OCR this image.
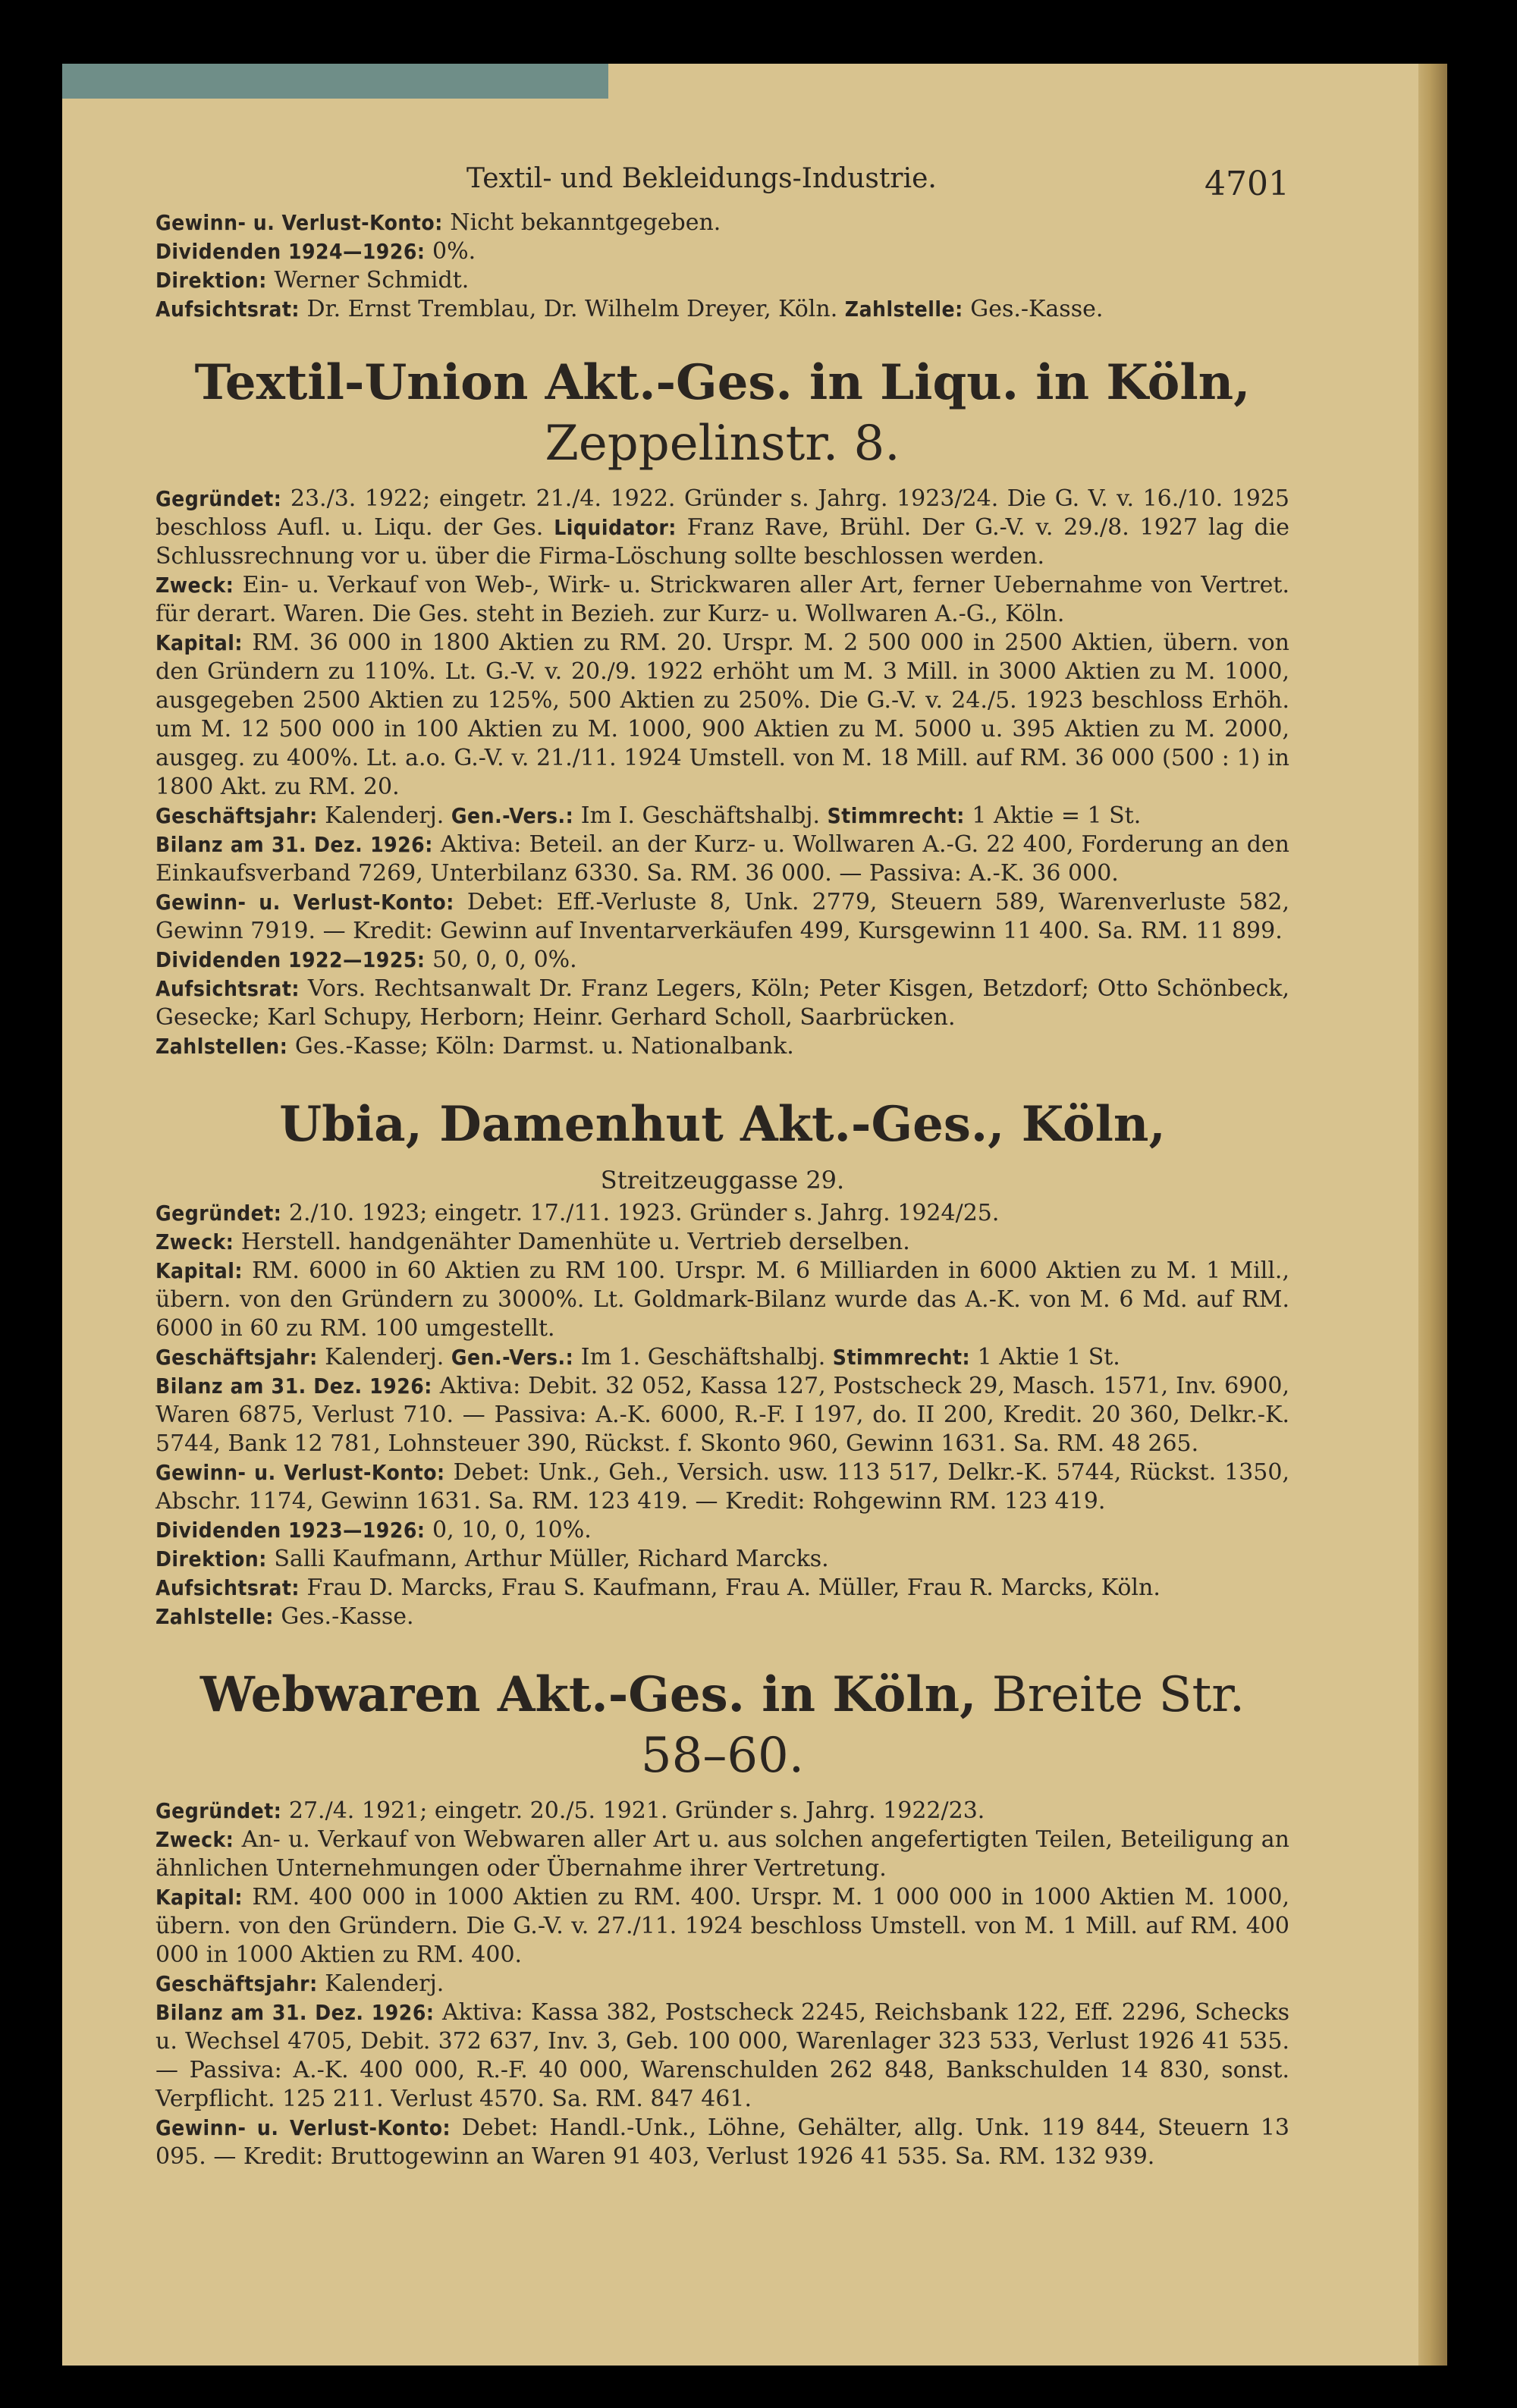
Textil- und Bekleidungs-Industrie.	4701

Gewinn- u. Verlust-Konto: Nicht bekanntgegeben.

Dividenden 1924—1926: 0%.

Direktion: Werner Schmidt.

Aufsichtsrat: Dr. Ernst Tremblau, Dr. Wilhelm Dreyer, Köln. Zahlstelle: Ges.-Kasse.

Textil-Union Akt.-Ges. in Liqu. in Köln, Zeppelinstr. 8.

Gegründet: 23./3. 1922; eingetr. 21./4. 1922. Gründer s. Jahrg. 1923/24. Die G. V. v. 16./10. 1925 beschloss Aufl. u. Liqu. der Ges. Liquidator: Franz Rave, Brühl. Der G.-V. v. 29./8. 1927 lag die Schlussrechnung vor u. über die Firma-Löschung sollte beschlossen werden.

Zweck: Ein- u. Verkauf von Web-, Wirk- u. Strickwaren aller Art, ferner Uebernahme von Vertret. für derart. Waren. Die Ges. steht in Bezieh. zur Kurz- u. Wollwaren A.-G., Köln.

Kapital: RM. 36 000 in 1800 Aktien zu RM. 20. Urspr. M. 2 500 000 in 2500 Aktien, übern. von den Gründern zu 110%. Lt. G.-V. v. 20./9. 1922 erhöht um M. 3 Mill. in 3000 Aktien zu M. 1000, ausgegeben 2500 Aktien zu 125%, 500 Aktien zu 250%. Die G.-V. v. 24./5. 1923 beschloss Erhöh. um M. 12 500 000 in 100 Aktien zu M. 1000, 900 Aktien zu M. 5000 u. 395 Aktien zu M. 2000, ausgeg. zu 400%. Lt. a.o. G.-V. v. 21./11. 1924 Umstell. von M. 18 Mill. auf RM. 36 000 (500 : 1) in 1800 Akt. zu RM. 20.

Geschäftsjahr: Kalenderj. Gen.-Vers.: Im I. Geschäftshalbj. Stimmrecht: 1 Aktie = 1 St.

Bilanz am 31. Dez. 1926: Aktiva: Beteil. an der Kurz- u. Wollwaren A.-G. 22 400, Forderung an den Einkaufsverband 7269, Unterbilanz 6330. Sa. RM. 36 000. — Passiva: A.-K. 36 000.

Gewinn- u. Verlust-Konto: Debet: Eff.-Verluste 8, Unk. 2779, Steuern 589, Warenverluste 582, Gewinn 7919. — Kredit: Gewinn auf Inventarverkäufen 499, Kursgewinn 11 400. Sa. RM. 11 899.

Dividenden 1922—1925: 50, 0, 0, 0%.

Aufsichtsrat: Vors. Rechtsanwalt Dr. Franz Legers, Köln; Peter Kisgen, Betzdorf; Otto Schönbeck, Gesecke; Karl Schupy, Herborn; Heinr. Gerhard Scholl, Saarbrücken.

Zahlstellen: Ges.-Kasse; Köln: Darmst. u. Nationalbank.

Ubia, Damenhut Akt.-Ges., Köln,
Streitzeuggasse 29.

Gegründet: 2./10. 1923; eingetr. 17./11. 1923. Gründer s. Jahrg. 1924/25.

Zweck: Herstell. handgenähter Damenhüte u. Vertrieb derselben.

Kapital: RM. 6000 in 60 Aktien zu RM 100. Urspr. M. 6 Milliarden in 6000 Aktien zu M. 1 Mill., übern. von den Gründern zu 3000%. Lt. Goldmark-Bilanz wurde das A.-K. von M. 6 Md. auf RM. 6000 in 60 zu RM. 100 umgestellt.

Geschäftsjahr: Kalenderj. Gen.-Vers.: Im 1. Geschäftshalbj. Stimmrecht: 1 Aktie 1 St.

Bilanz am 31. Dez. 1926: Aktiva: Debit. 32 052, Kassa 127, Postscheck 29, Masch. 1571, Inv. 6900, Waren 6875, Verlust 710. — Passiva: A.-K. 6000, R.-F. I 197, do. II 200, Kredit. 20 360, Delkr.-K. 5744, Bank 12 781, Lohnsteuer 390, Rückst. f. Skonto 960, Gewinn 1631. Sa. RM. 48 265.

Gewinn- u. Verlust-Konto: Debet: Unk., Geh., Versich. usw. 113 517, Delkr.-K. 5744, Rückst. 1350, Abschr. 1174, Gewinn 1631. Sa. RM. 123 419. — Kredit: Rohgewinn RM. 123 419.

Dividenden 1923—1926: 0, 10, 0, 10%.

Direktion: Salli Kaufmann, Arthur Müller, Richard Marcks.

Aufsichtsrat: Frau D. Marcks, Frau S. Kaufmann, Frau A. Müller, Frau R. Marcks, Köln.

Zahlstelle: Ges.-Kasse.

Webwaren Akt.-Ges. in Köln, Breite Str. 58–60.

Gegründet: 27./4. 1921; eingetr. 20./5. 1921. Gründer s. Jahrg. 1922/23.

Zweck: An- u. Verkauf von Webwaren aller Art u. aus solchen angefertigten Teilen, Beteiligung an ähnlichen Unternehmungen oder Übernahme ihrer Vertretung.

Kapital: RM. 400 000 in 1000 Aktien zu RM. 400. Urspr. M. 1 000 000 in 1000 Aktien M. 1000, übern. von den Gründern. Die G.-V. v. 27./11. 1924 beschloss Umstell. von M. 1 Mill. auf RM. 400 000 in 1000 Aktien zu RM. 400.

Geschäftsjahr: Kalenderj.

Bilanz am 31. Dez. 1926: Aktiva: Kassa 382, Postscheck 2245, Reichsbank 122, Eff. 2296, Schecks u. Wechsel 4705, Debit. 372 637, Inv. 3, Geb. 100 000, Warenlager 323 533, Verlust 1926 41 535. — Passiva: A.-K. 400 000, R.-F. 40 000, Warenschulden 262 848, Bankschulden 14 830, sonst. Verpflicht. 125 211. Verlust 4570. Sa. RM. 847 461.

Gewinn- u. Verlust-Konto: Debet: Handl.-Unk., Löhne, Gehälter, allg. Unk. 119 844, Steuern 13 095. — Kredit: Bruttogewinn an Waren 91 403, Verlust 1926 41 535. Sa. RM. 132 939.
